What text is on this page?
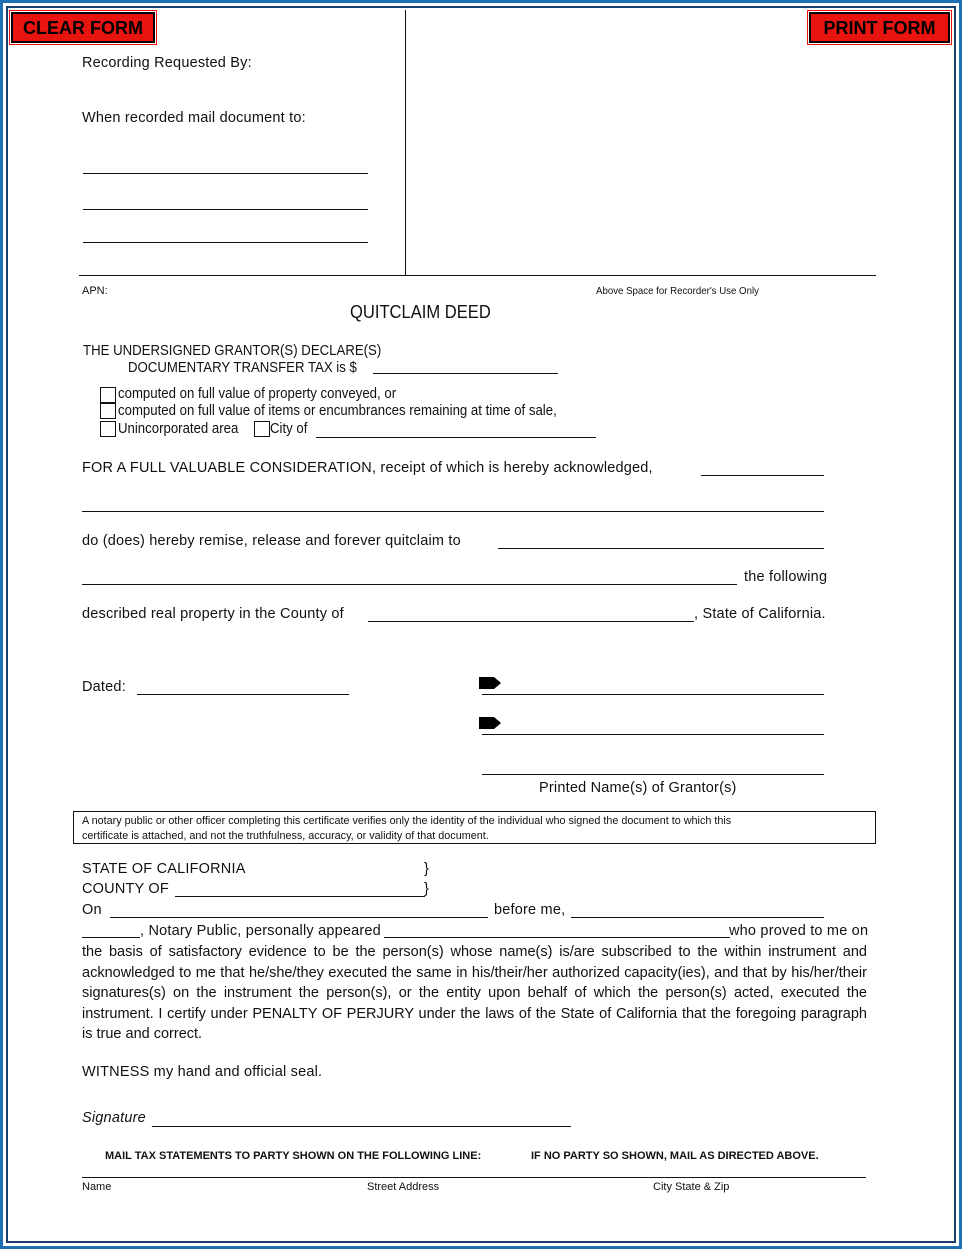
CLEAR FORM	PRINT FORM
Recording Requested By:
When recorded mail document to:
APN:	Above Space for Recorder's Use Only
QUITCLAIM DEED
THE UNDERSIGNED GRANTOR(S) DECLARE(S)
DOCUMENTARY TRANSFER TAX is $
computed on full value of property conveyed, or
computed on full value of items or encumbrances remaining at time of sale,
Unincorporated area City of
FOR A FULL VALUABLE CONSIDERATION, receipt of which is hereby acknowledged,
do (does) hereby remise, release and forever quitclaim to
the following
described real property in the County of	, State of California.
Dated:
Printed Name(s) of Grantor(s)
A notary public or other officer completing this certificate verifies only the identity of the individual who signed the document to which this
certificate is attached, and not the truthfulness, accuracy, or validity of that document.
STATE OF CALIFORNIA	}
COUNTY OF	}
On	before me,
, Notary Public, personally appeared	who proved to me on
the basis of satisfactory evidence to be the person(s) whose name(s) is/are subscribed to the within instrument and acknowledged to me that he/she/they executed the same in his/their/her authorized capacity(ies), and that by his/her/their signatures(s) on the instrument the person(s), or the entity upon behalf of which the person(s) acted, executed the instrument. I certify under PENALTY OF PERJURY under the laws of the State of California that the foregoing paragraph is true and correct.
WITNESS my hand and official seal.
Signature
MAIL TAX STATEMENTS TO PARTY SHOWN ON THE FOLLOWING LINE:	IF NO PARTY SO SHOWN, MAIL AS DIRECTED ABOVE.
Name	Street Address	City State & Zip
